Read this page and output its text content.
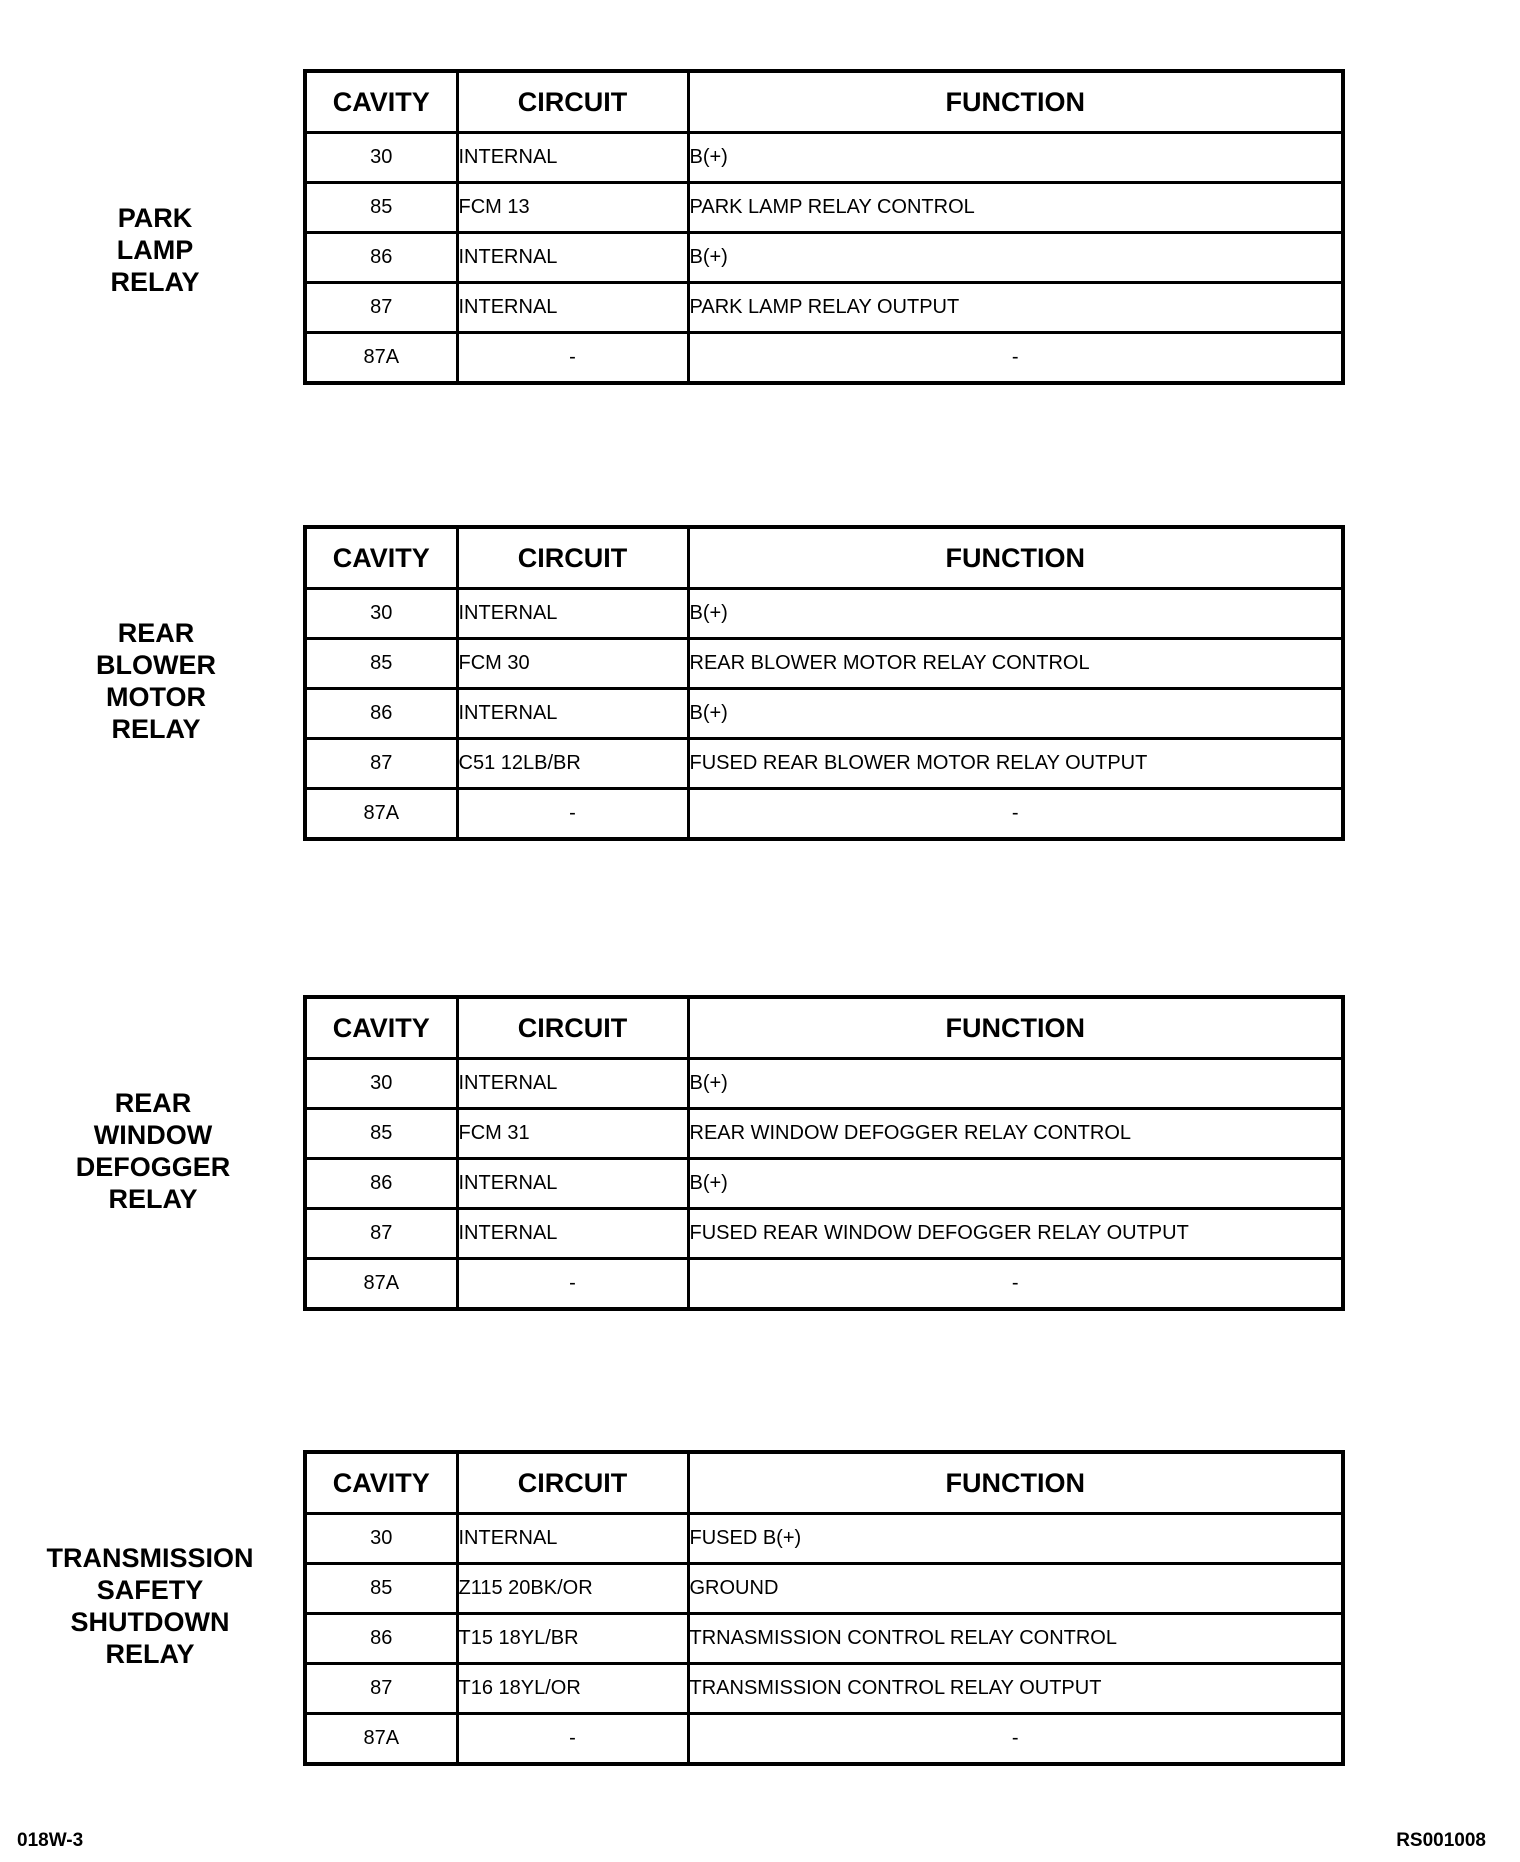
PARK
LAMP
RELAY
CAVITY	CIRCUIT	FUNCTION
30	INTERNAL	B(+)
85	FCM 13	PARK LAMP RELAY CONTROL
86	INTERNAL	B(+)
87	INTERNAL	PARK LAMP RELAY OUTPUT
87A	-	-
REAR
BLOWER
MOTOR
RELAY
CAVITY	CIRCUIT	FUNCTION
30	INTERNAL	B(+)
85	FCM 30	REAR BLOWER MOTOR RELAY CONTROL
86	INTERNAL	B(+)
87	C51 12LB/BR	FUSED REAR BLOWER MOTOR RELAY OUTPUT
87A	-	-
REAR
WINDOW
DEFOGGER
RELAY
CAVITY	CIRCUIT	FUNCTION
30	INTERNAL	B(+)
85	FCM 31	REAR WINDOW DEFOGGER RELAY CONTROL
86	INTERNAL	B(+)
87	INTERNAL	FUSED REAR WINDOW DEFOGGER RELAY OUTPUT
87A	-	-
TRANSMISSION
SAFETY
SHUTDOWN
RELAY
CAVITY	CIRCUIT	FUNCTION
30	INTERNAL	FUSED B(+)
85	Z115 20BK/OR	GROUND
86	T15 18YL/BR	TRNASMISSION CONTROL RELAY CONTROL
87	T16 18YL/OR	TRANSMISSION CONTROL RELAY OUTPUT
87A	-	-
018W-3	RS001008
